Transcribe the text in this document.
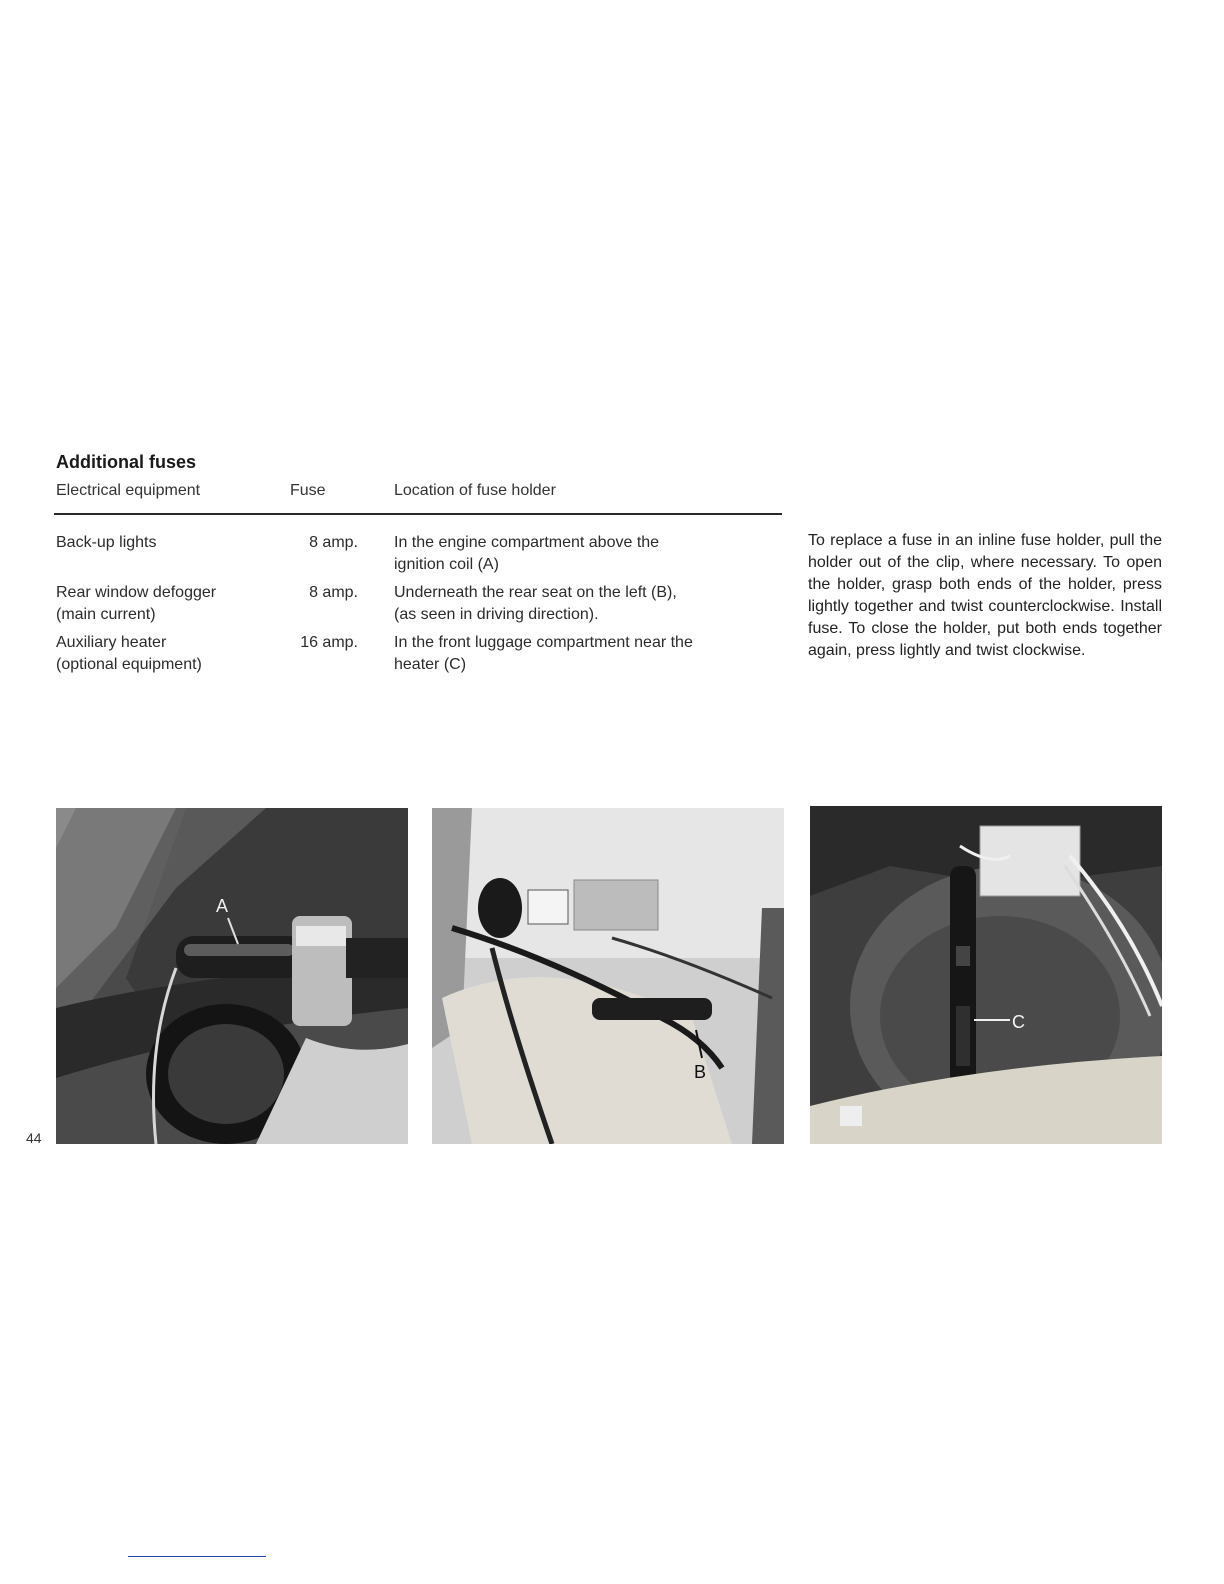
Additional fuses
Electrical equipment	Fuse	Location of fuse holder
Back-up lights	8 amp. In the engine compartment above the
ignition coil (A)
Rear window defogger
(main current)
8 amp. Underneath the rear seat on the left (B),
(as seen in driving direction).
Auxiliary heater
(optional equipment)
16 amp. In the front luggage compartment near the
heater (C)

To replace a fuse in an inline fuse holder, pull the holder out of the clip, where necessary. To open the holder, grasp both ends of the holder, press lightly together and twist counterclockwise. Install fuse. To close the holder, put both ends together again, press lightly and twist clockwise.

A
B
C
44
